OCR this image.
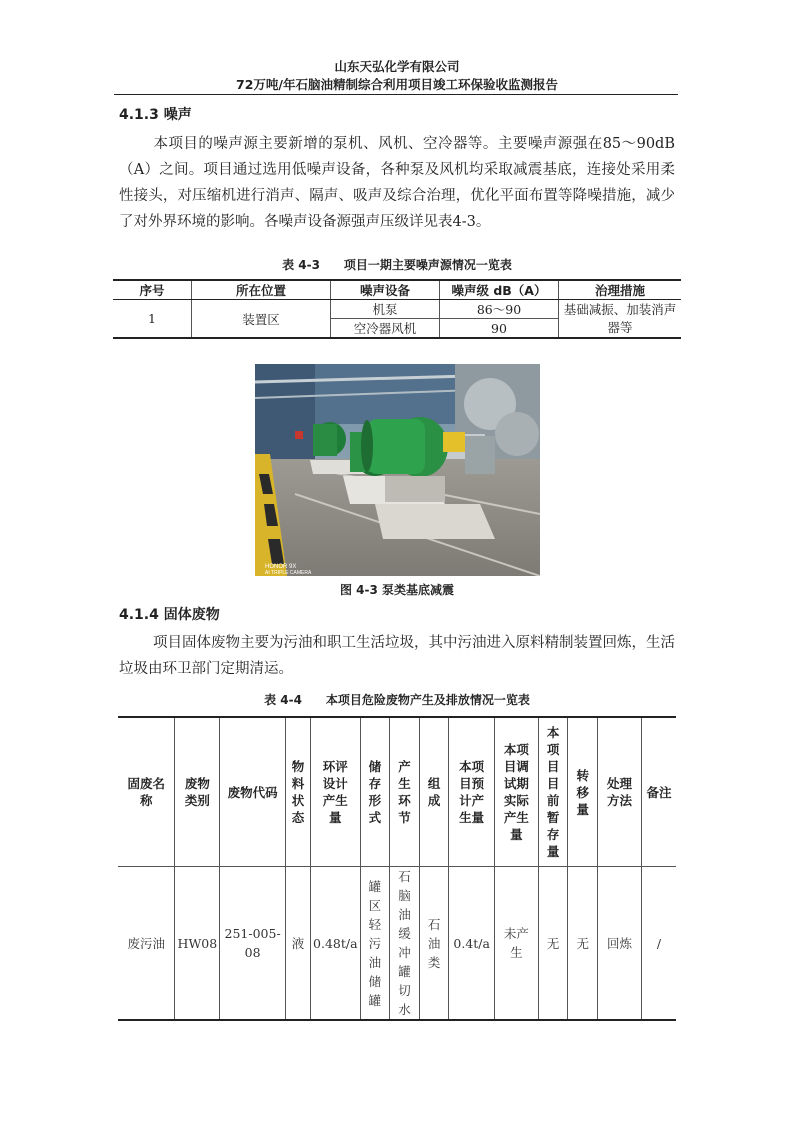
山东天弘化学有限公司
72万吨/年石脑油精制综合利用项目竣工环保验收监测报告
4.1.3 噪声
本项目的噪声源主要新增的泵机、风机、空冷器等。主要噪声源强在85～90dB（A）之间。项目通过选用低噪声设备，各种泵及风机均采取减震基底，连接处采用柔性接头，对压缩机进行消声、隔声、吸声及综合治理，优化平面布置等降噪措施，减少了对外界环境的影响。各噪声设备源强声压级详见表4-3。
表 4-3　　项目一期主要噪声源情况一览表
序号	所在位置	噪声设备	噪声级 dB（A）	治理措施
1	装置区	机泵	86～90	基础减振、加装消声器等
		空冷器风机	90	
HONOR 9X
AI TRIPLE CAMERA
图 4-3 泵类基底减震
4.1.4 固体废物
项目固体废物主要为污油和职工生活垃圾，其中污油进入原料精制装置回炼，生活垃圾由环卫部门定期清运。
表 4-4　　本项目危险废物产生及排放情况一览表
固废名称	废物类别	废物代码	物料状态	环评设计产生量	储存形式	产生环节	组成	本项目预计产生量	本项目调试期实际产生量	本项目目前暂存量	转移量	处理方法	备注
废污油	HW08	251-005-08	液	0.48t/a	罐区轻污油储罐	石脑油缓冲罐切水	石油类	0.4t/a	未产生	无	无	回炼	/
